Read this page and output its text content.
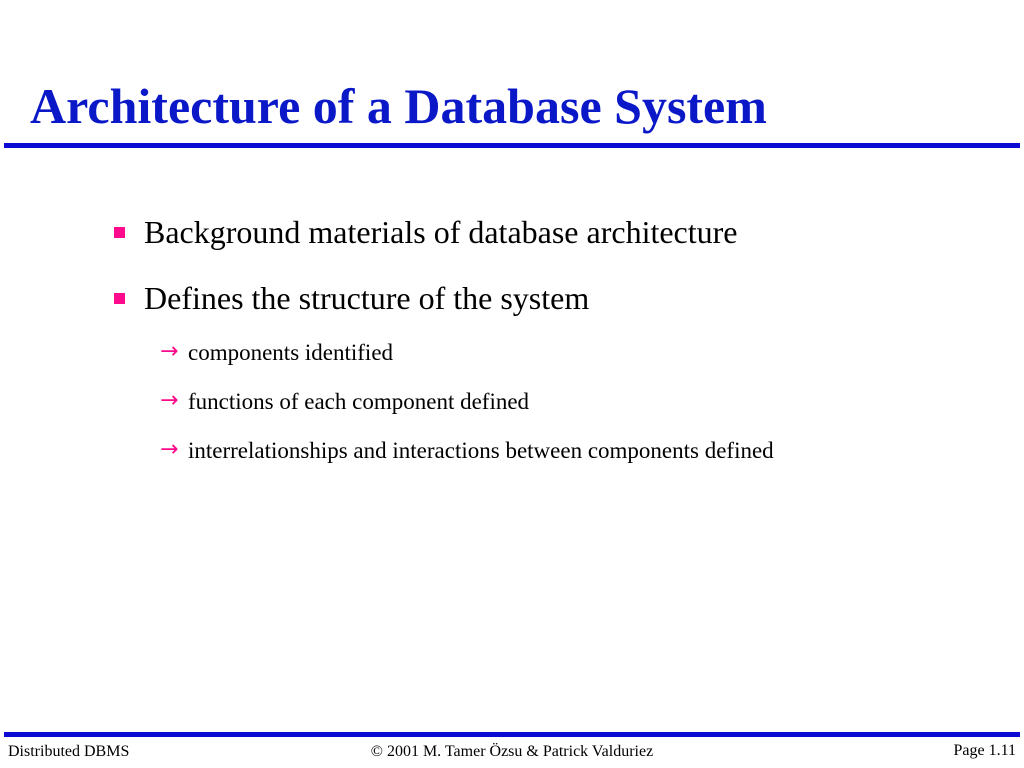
Architecture of a Database System
Background materials of database architecture
Defines the structure of the system
→ components identified
→ functions of each component defined
→ interrelationships and interactions between components defined
Distributed DBMS	© 2001 M. Tamer Özsu & Patrick Valduriez	Page 1.11
